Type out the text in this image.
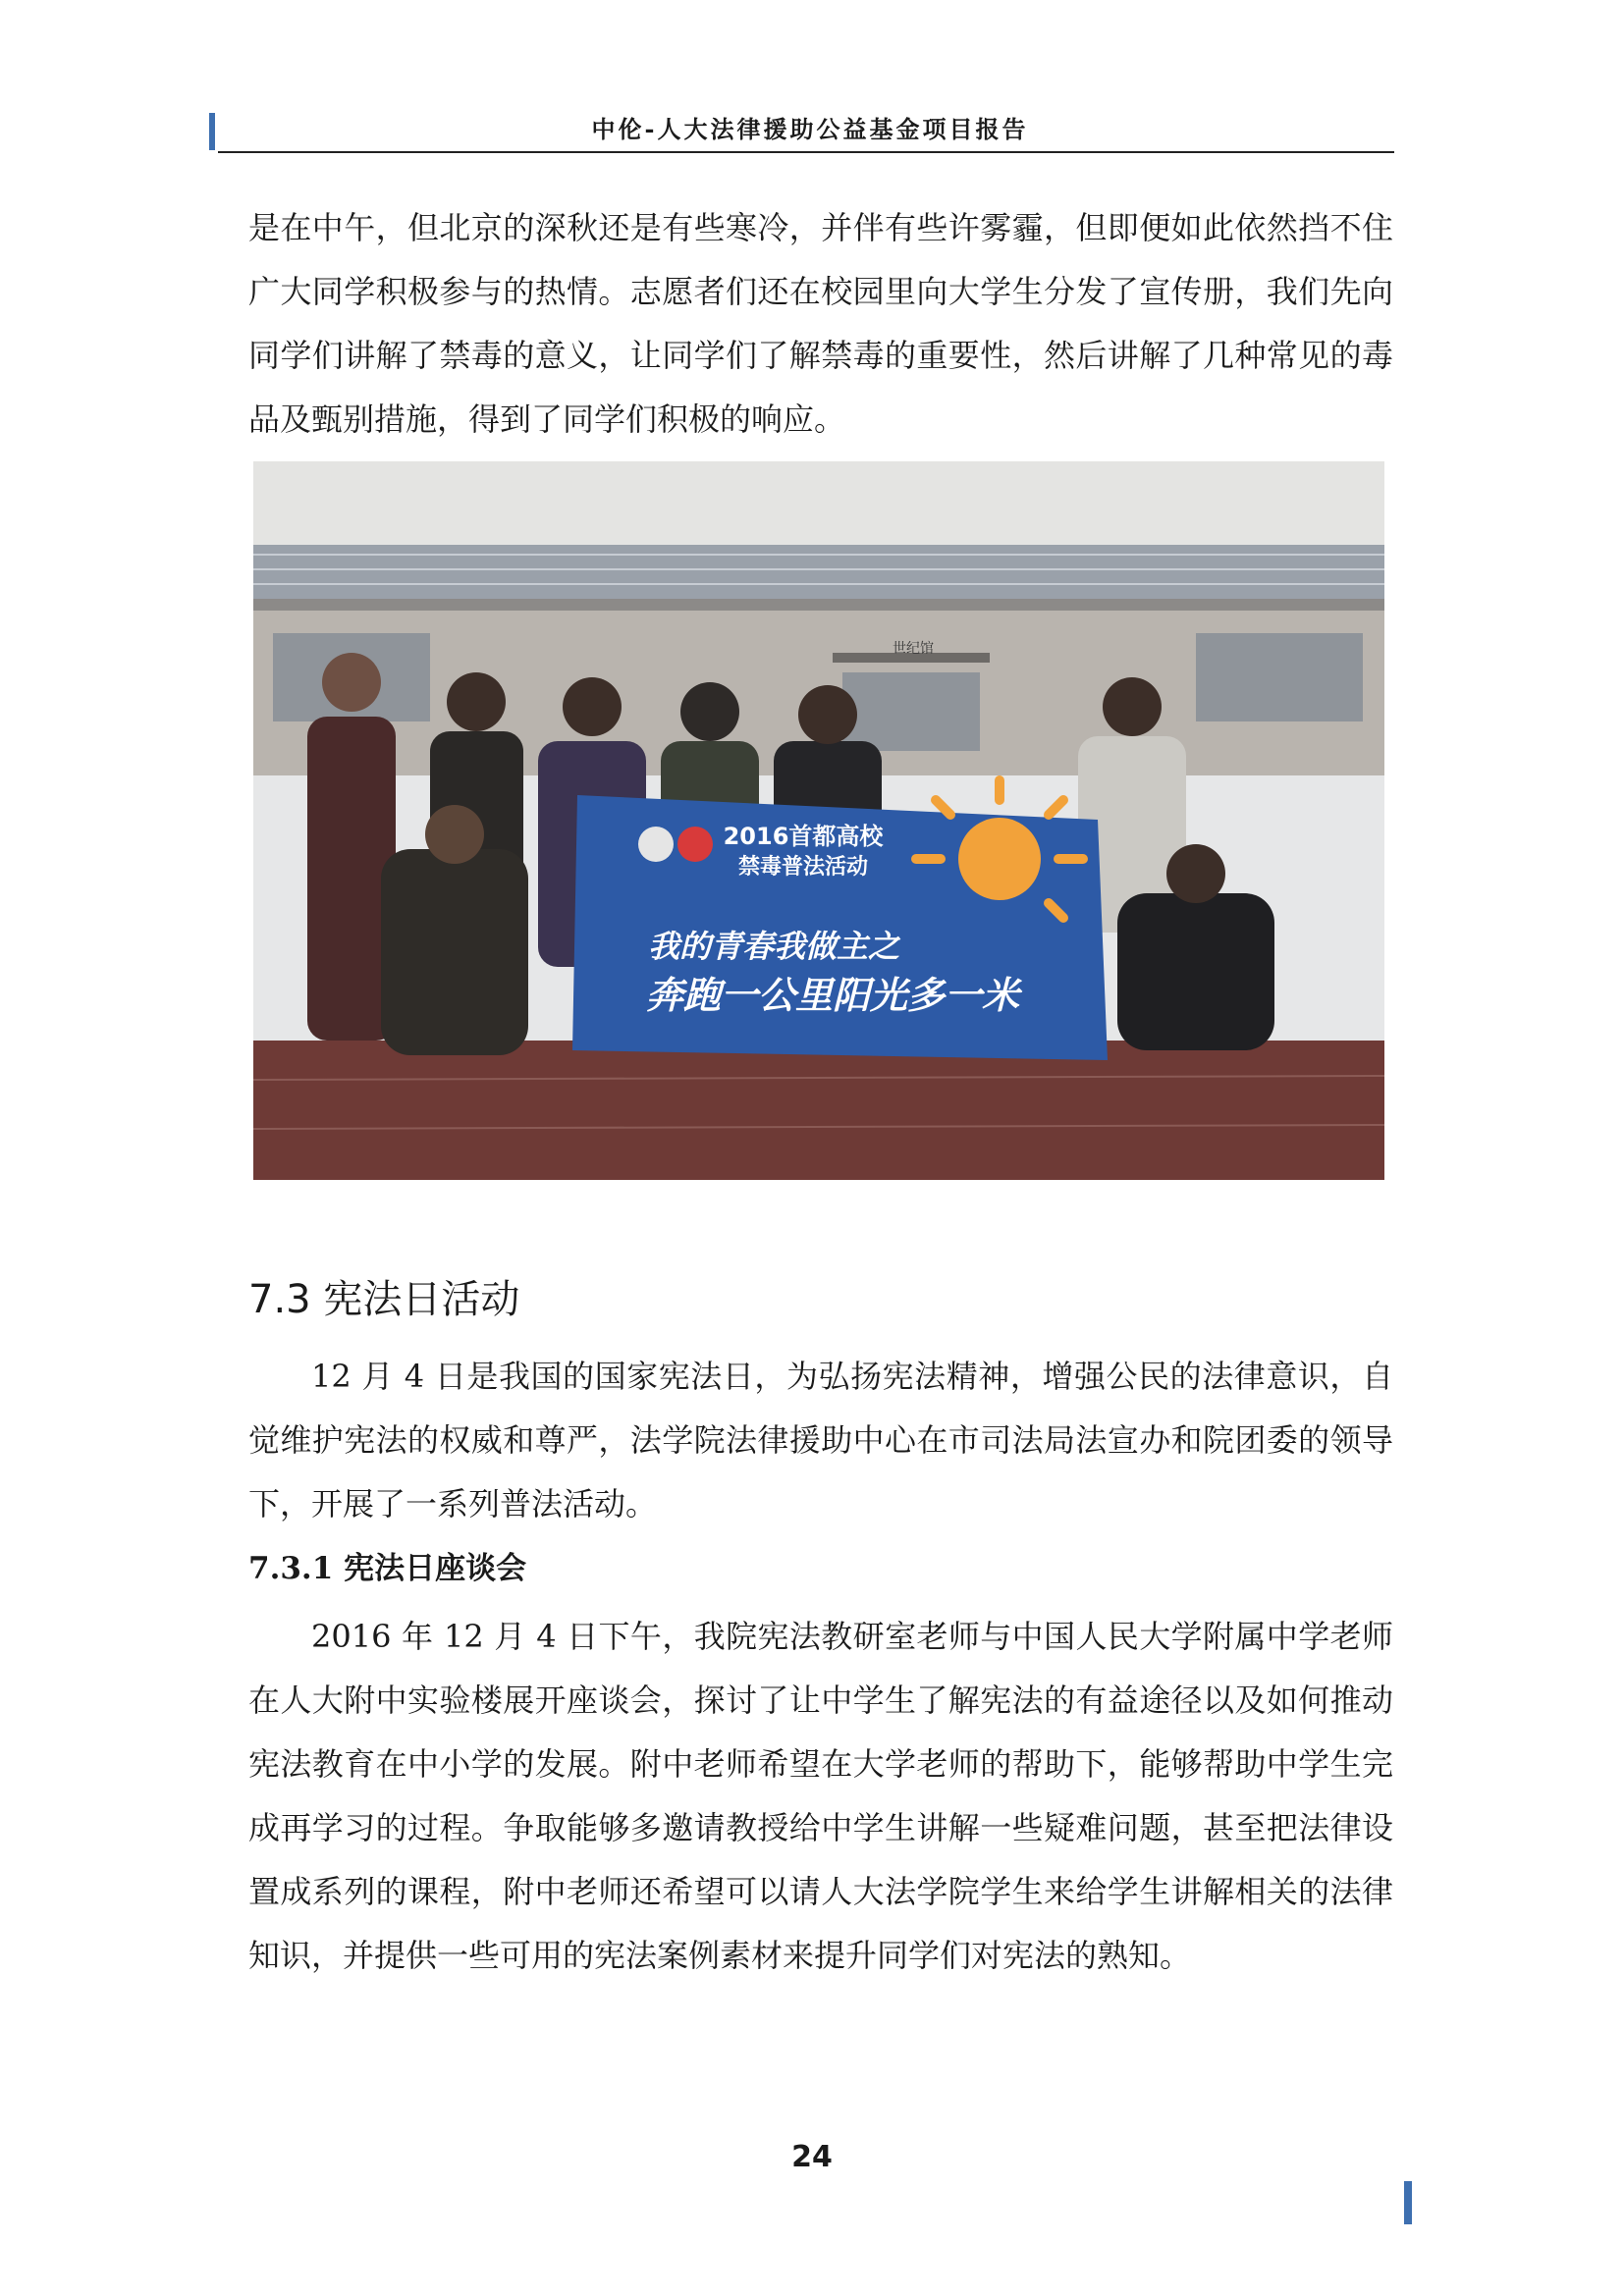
中伦-人大法律援助公益基金项目报告

是在中午，但北京的深秋还是有些寒冷，并伴有些许雾霾，但即便如此依然挡不住广大同学积极参与的热情。志愿者们还在校园里向大学生分发了宣传册，我们先向同学们讲解了禁毒的意义，让同学们了解禁毒的重要性，然后讲解了几种常见的毒品及甄别措施，得到了同学们积极的响应。

世纪馆
2016首都高校
禁毒普法活动
我的青春我做主之
奔跑一公里阳光多一米
7.3 宪法日活动

12 月 4 日是我国的国家宪法日，为弘扬宪法精神，增强公民的法律意识，自觉维护宪法的权威和尊严，法学院法律援助中心在市司法局法宣办和院团委的领导下，开展了一系列普法活动。

7.3.1 宪法日座谈会

2016 年 12 月 4 日下午，我院宪法教研室老师与中国人民大学附属中学老师在人大附中实验楼展开座谈会，探讨了让中学生了解宪法的有益途径以及如何推动宪法教育在中小学的发展。附中老师希望在大学老师的帮助下，能够帮助中学生完成再学习的过程。争取能够多邀请教授给中学生讲解一些疑难问题，甚至把法律设置成系列的课程，附中老师还希望可以请人大法学院学生来给学生讲解相关的法律知识，并提供一些可用的宪法案例素材来提升同学们对宪法的熟知。

24
